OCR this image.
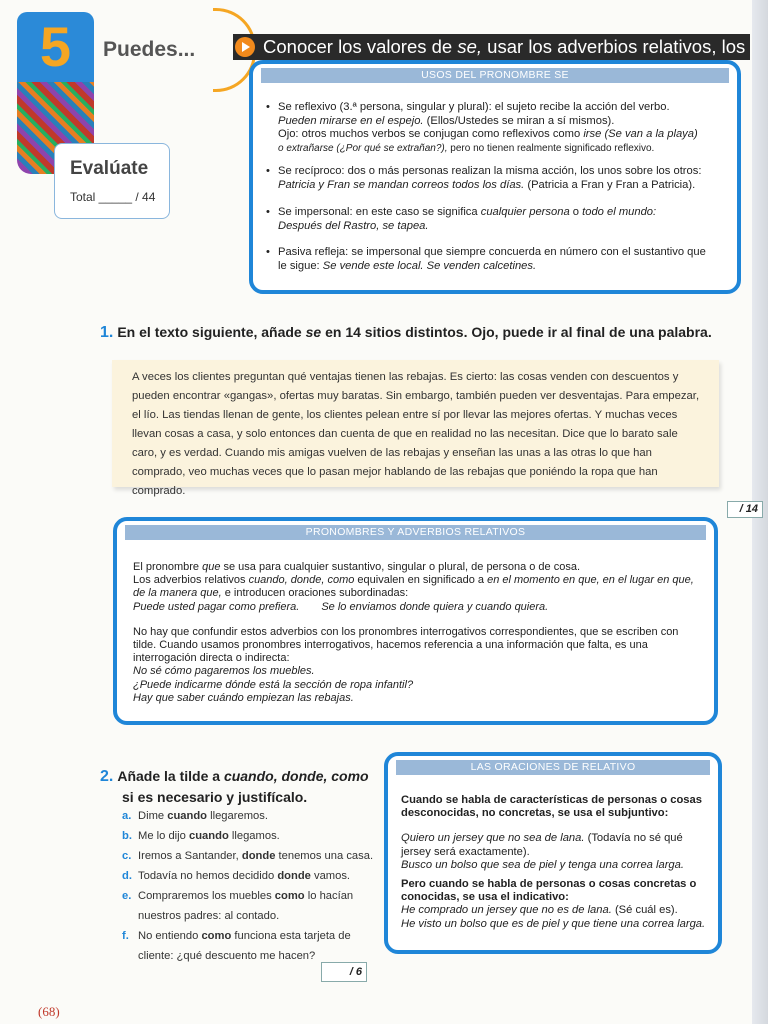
5	Puedes...
Evalúate
Total _____ / 44
Conocer los valores de se, usar los adverbios relativos, los
USOS DEL PRONOMBRE SE
• Se reflexivo (3.ª persona, singular y plural): el sujeto recibe la acción del verbo.
Pueden mirarse en el espejo. (Ellos/Ustedes se miran a sí mismos).
Ojo: otros muchos verbos se conjugan como reflexivos como irse (Se van a la playa)
o extrañarse (¿Por qué se extrañan?), pero no tienen realmente significado reflexivo.
• Se recíproco: dos o más personas realizan la misma acción, los unos sobre los otros:
Patricia y Fran se mandan correos todos los días. (Patricia a Fran y Fran a Patricia).
• Se impersonal: en este caso se significa cualquier persona o todo el mundo:
Después del Rastro, se tapea.
• Pasiva refleja: se impersonal que siempre concuerda en número con el sustantivo que
le sigue: Se vende este local. Se venden calcetines.
1. En el texto siguiente, añade se en 14 sitios distintos. Ojo, puede ir al final de una palabra.
A veces los clientes preguntan qué ventajas tienen las rebajas. Es cierto: las cosas venden con descuentos y pueden encontrar «gangas», ofertas muy baratas. Sin embargo, también pueden ver desventajas. Para empezar, el lío. Las tiendas llenan de gente, los clientes pelean entre sí por llevar las mejores ofertas. Y muchas veces llevan cosas a casa, y solo entonces dan cuenta de que en realidad no las necesitan. Dice que lo barato sale caro, y es verdad. Cuando mis amigas vuelven de las rebajas y enseñan las unas a las otras lo que han comprado, veo muchas veces que lo pasan mejor hablando de las rebajas que poniéndo la ropa que han comprado.
/ 14
PRONOMBRES Y ADVERBIOS RELATIVOS
El pronombre que se usa para cualquier sustantivo, singular o plural, de persona o de cosa.
Los adverbios relativos cuando, donde, como equivalen en significado a en el momento en que, en el lugar en que, de la manera que, e introducen oraciones subordinadas:
Puede usted pagar como prefiera. Se lo enviamos donde quiera y cuando quiera.
No hay que confundir estos adverbios con los pronombres interrogativos correspondientes, que se escriben con tilde. Cuando usamos pronombres interrogativos, hacemos referencia a una información que falta, es una interrogación directa o indirecta:
No sé cómo pagaremos los muebles.
¿Puede indicarme dónde está la sección de ropa infantil?
Hay que saber cuándo empiezan las rebajas.
2. Añade la tilde a cuando, donde, como
si es necesario y justifícalo.
a. Dime cuando llegaremos.
b. Me lo dijo cuando llegamos.
c. Iremos a Santander, donde tenemos una casa.
d. Todavía no hemos decidido donde vamos.
e. Compraremos los muebles como lo hacían
nuestros padres: al contado.
f. No entiendo como funciona esta tarjeta de
cliente: ¿qué descuento me hacen?
/ 6
LAS ORACIONES DE RELATIVO
Cuando se habla de características de personas o cosas desconocidas, no concretas, se usa el subjuntivo:
Quiero un jersey que no sea de lana. (Todavía no sé qué jersey será exactamente).
Busco un bolso que sea de piel y tenga una correa larga.
Pero cuando se habla de personas o cosas concretas o conocidas, se usa el indicativo:
He comprado un jersey que no es de lana. (Sé cuál es).
He visto un bolso que es de piel y que tiene una correa larga.
(68)
